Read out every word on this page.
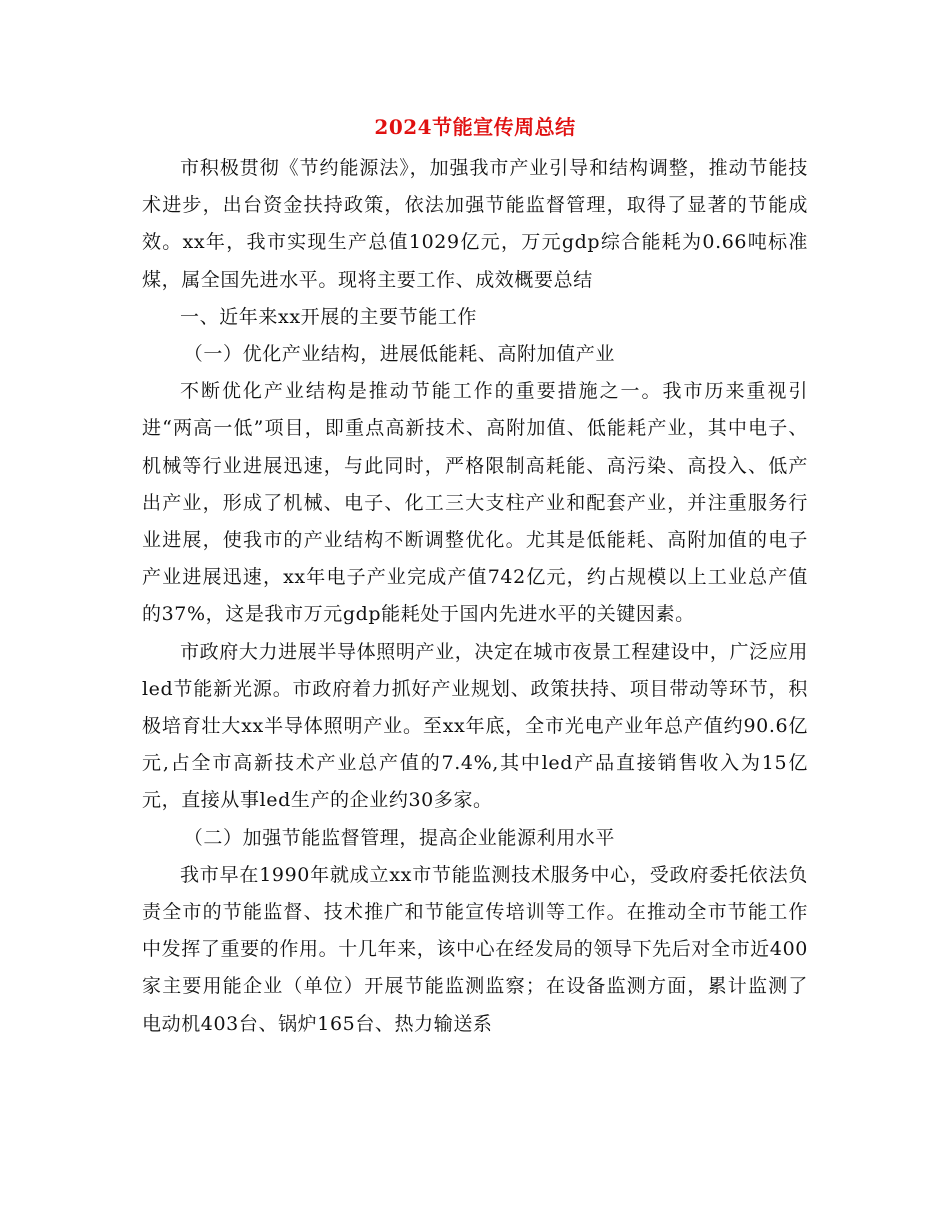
2024节能宣传周总结

市积极贯彻《节约能源法》，加强我市产业引导和结构调整，推动节能技术进步，出台资金扶持政策，依法加强节能监督管理，取得了显著的节能成效。xx年，我市实现生产总值1029亿元，万元gdp综合能耗为0.66吨标准煤，属全国先进水平。现将主要工作、成效概要总结

一、近年来xx开展的主要节能工作

（一）优化产业结构，进展低能耗、高附加值产业

不断优化产业结构是推动节能工作的重要措施之一。我市历来重视引进“两高一低”项目，即重点高新技术、高附加值、低能耗产业，其中电子、机械等行业进展迅速，与此同时，严格限制高耗能、高污染、高投入、低产出产业，形成了机械、电子、化工三大支柱产业和配套产业，并注重服务行业进展，使我市的产业结构不断调整优化。尤其是低能耗、高附加值的电子产业进展迅速，xx年电子产业完成产值742亿元，约占规模以上工业总产值的37%，这是我市万元gdp能耗处于国内先进水平的关键因素。

市政府大力进展半导体照明产业，决定在城市夜景工程建设中，广泛应用led节能新光源。市政府着力抓好产业规划、政策扶持、项目带动等环节，积极培育壮大xx半导体照明产业。至xx年底，全市光电产业年总产值约90.6亿元,占全市高新技术产业总产值的7.4%,其中led产品直接销售收入为15亿元，直接从事led生产的企业约30多家。

（二）加强节能监督管理，提高企业能源利用水平

我市早在1990年就成立xx市节能监测技术服务中心，受政府委托依法负责全市的节能监督、技术推广和节能宣传培训等工作。在推动全市节能工作中发挥了重要的作用。十几年来，该中心在经发局的领导下先后对全市近400家主要用能企业（单位）开展节能监测监察；在设备监测方面，累计监测了电动机403台、锅炉165台、热力输送系
